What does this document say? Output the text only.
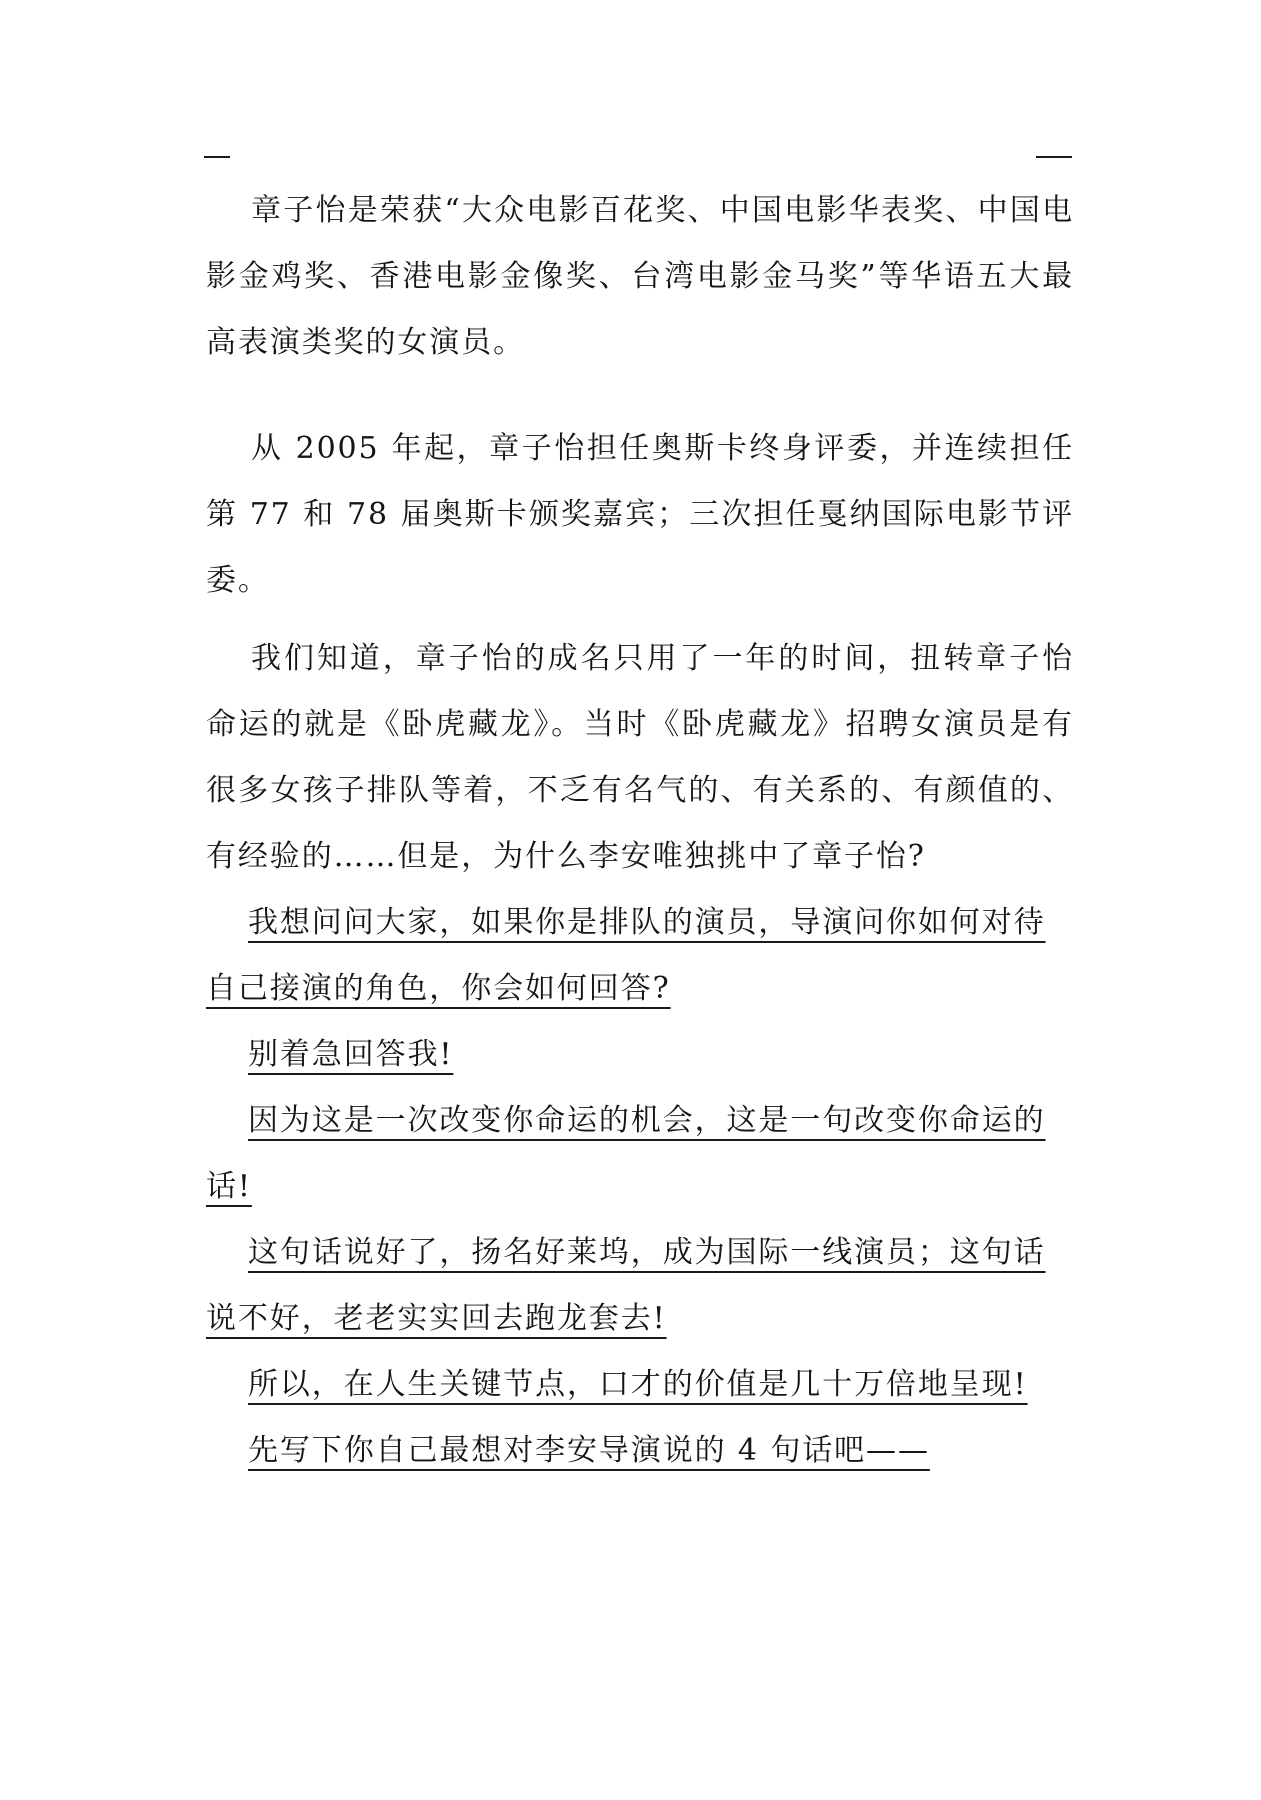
章子怡是荣获“大众电影百花奖、中国电影华表奖、中国电影金鸡奖、香港电影金像奖、台湾电影金马奖”等华语五大最高表演类奖的女演员。

从 2005 年起，章子怡担任奥斯卡终身评委，并连续担任第 77 和 78 届奥斯卡颁奖嘉宾；三次担任戛纳国际电影节评委。

我们知道，章子怡的成名只用了一年的时间，扭转章子怡命运的就是《卧虎藏龙》。当时《卧虎藏龙》招聘女演员是有很多女孩子排队等着，不乏有名气的、有关系的、有颜值的、有经验的……但是，为什么李安唯独挑中了章子怡?

我想问问大家，如果你是排队的演员，导演问你如何对待
自己接演的角色，你会如何回答?
别着急回答我!
因为这是一次改变你命运的机会，这是一句改变你命运的
话!
这句话说好了，扬名好莱坞，成为国际一线演员；这句话
说不好，老老实实回去跑龙套去!
所以，在人生关键节点，口才的价值是几十万倍地呈现!
先写下你自己最想对李安导演说的 4 句话吧——
